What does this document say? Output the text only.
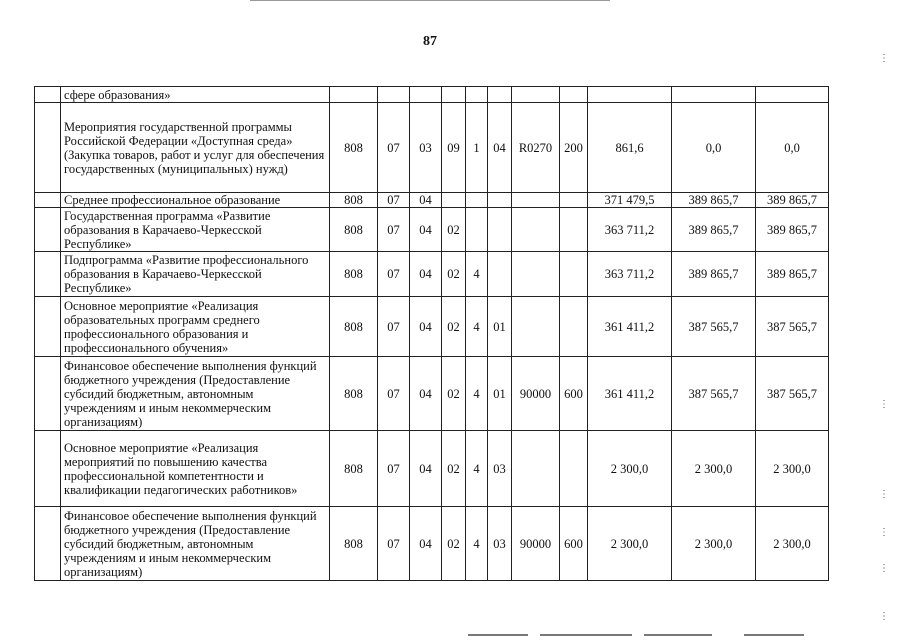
87
	сфере образования»											
	Мероприятия государственной программы Российской Федерации «Доступная среда» (Закупка товаров, работ и услуг для обеспечения государственных (муниципальных) нужд)	808	07	03	09	1	04	R0270	200	861,6	0,0	0,0
	Среднее профессиональное образование	808	07	04						371 479,5	389 865,7	389 865,7
	Государственная программа «Развитие образования в Карачаево-Черкесской Республике»	808	07	04	02					363 711,2	389 865,7	389 865,7
	Подпрограмма «Развитие профессионального образования в Карачаево-Черкесской Республике»	808	07	04	02	4				363 711,2	389 865,7	389 865,7
	Основное мероприятие «Реализация образовательных программ среднего профессионального образования и профессионального обучения»	808	07	04	02	4	01			361 411,2	387 565,7	387 565,7
	Финансовое обеспечение выполнения функций бюджетного учреждения (Предоставление субсидий бюджетным, автономным учреждениям и иным некоммерческим организациям)	808	07	04	02	4	01	90000	600	361 411,2	387 565,7	387 565,7
	Основное мероприятие «Реализация мероприятий по повышению качества профессиональной компетентности и квалификации педагогических работников»	808	07	04	02	4	03			2 300,0	2 300,0	2 300,0
	Финансовое обеспечение выполнения функций бюджетного учреждения (Предоставление субсидий бюджетным, автономным учреждениям и иным некоммерческим организациям)	808	07	04	02	4	03	90000	600	2 300,0	2 300,0	2 300,0
⋮
⋮
⋮
⋮
⋮
⋮
